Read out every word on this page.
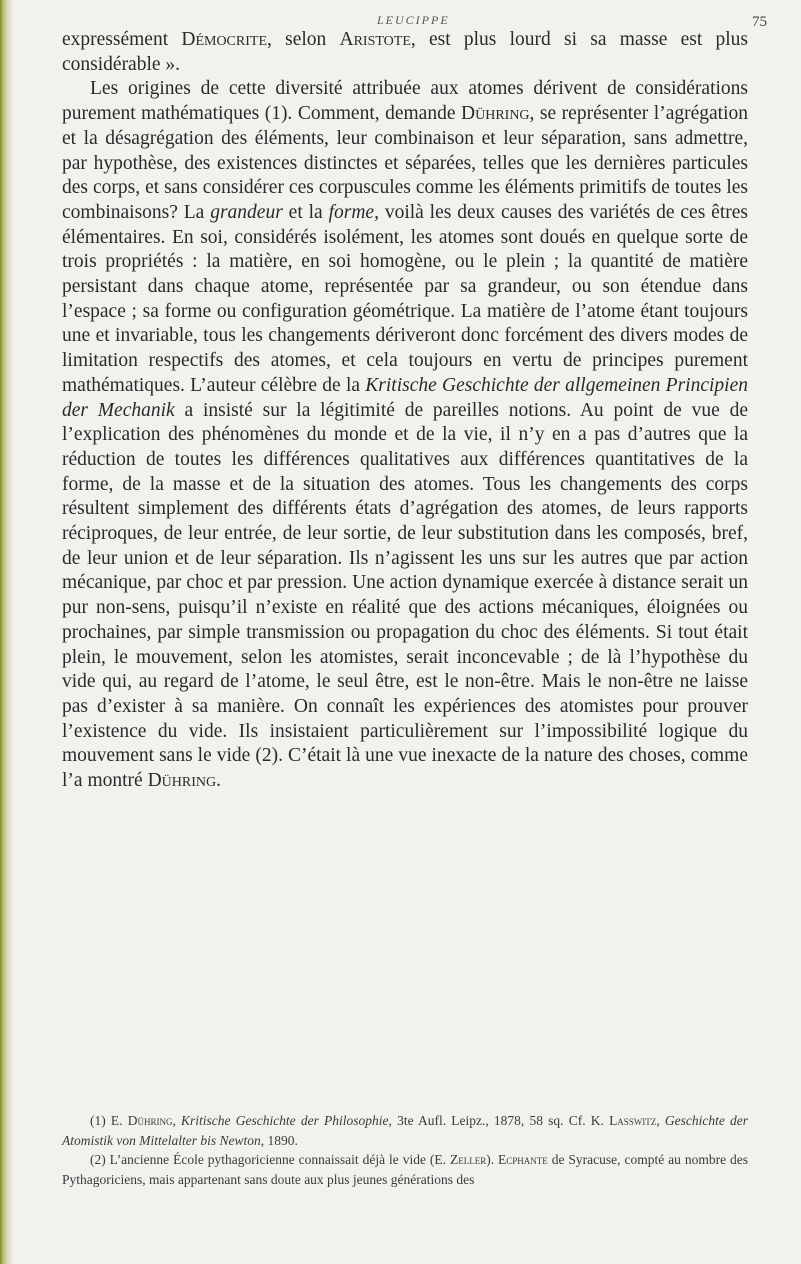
LEUCIPPE	75

expressément Démocrite, selon Aristote, est plus lourd si sa masse est plus considérable ».

Les origines de cette diversité attribuée aux atomes dérivent de considérations purement mathématiques (1). Comment, demande Dühring, se représenter l’agrégation et la désagrégation des éléments, leur combinaison et leur séparation, sans admettre, par hypothèse, des existences distinctes et séparées, telles que les dernières particules des corps, et sans considérer ces corpuscules comme les éléments primitifs de toutes les combinaisons? La grandeur et la forme, voilà les deux causes des variétés de ces êtres élémentaires. En soi, considérés isolément, les atomes sont doués en quelque sorte de trois propriétés : la matière, en soi homogène, ou le plein ; la quantité de matière persistant dans chaque atome, représentée par sa grandeur, ou son étendue dans l’espace ; sa forme ou configuration géométrique. La matière de l’atome étant toujours une et invariable, tous les changements dériveront donc forcément des divers modes de limitation respectifs des atomes, et cela toujours en vertu de principes purement mathématiques. L’auteur célèbre de la Kritische Geschichte der allgemeinen Principien der Mechanik a insisté sur la légitimité de pareilles notions. Au point de vue de l’explication des phénomènes du monde et de la vie, il n’y en a pas d’autres que la réduction de toutes les différences qualitatives aux différences quantitatives de la forme, de la masse et de la situation des atomes. Tous les changements des corps résultent simplement des différents états d’agrégation des atomes, de leurs rapports réciproques, de leur entrée, de leur sortie, de leur substitution dans les composés, bref, de leur union et de leur séparation. Ils n’agissent les uns sur les autres que par action mécanique, par choc et par pression. Une action dynamique exercée à distance serait un pur non-sens, puisqu’il n’existe en réalité que des actions mécaniques, éloignées ou prochaines, par simple transmission ou propagation du choc des éléments. Si tout était plein, le mouvement, selon les atomistes, serait inconcevable ; de là l’hypothèse du vide qui, au regard de l’atome, le seul être, est le non-être. Mais le non-être ne laisse pas d’exister à sa manière. On connaît les expériences des atomistes pour prouver l’existence du vide. Ils insistaient particulièrement sur l’impossibilité logique du mouvement sans le vide (2). C’était là une vue inexacte de la nature des choses, comme l’a montré Dühring.

(1) E. Dühring, Kritische Geschichte der Philosophie, 3te Aufl. Leipz., 1878, 58 sq. Cf. K. Lasswitz, Geschichte der Atomistik von Mittelalter bis Newton, 1890.

(2) L’ancienne École pythagoricienne connaissait déjà le vide (E. Zeller). Ecphante de Syracuse, compté au nombre des Pythagoriciens, mais appartenant sans doute aux plus jeunes générations des
